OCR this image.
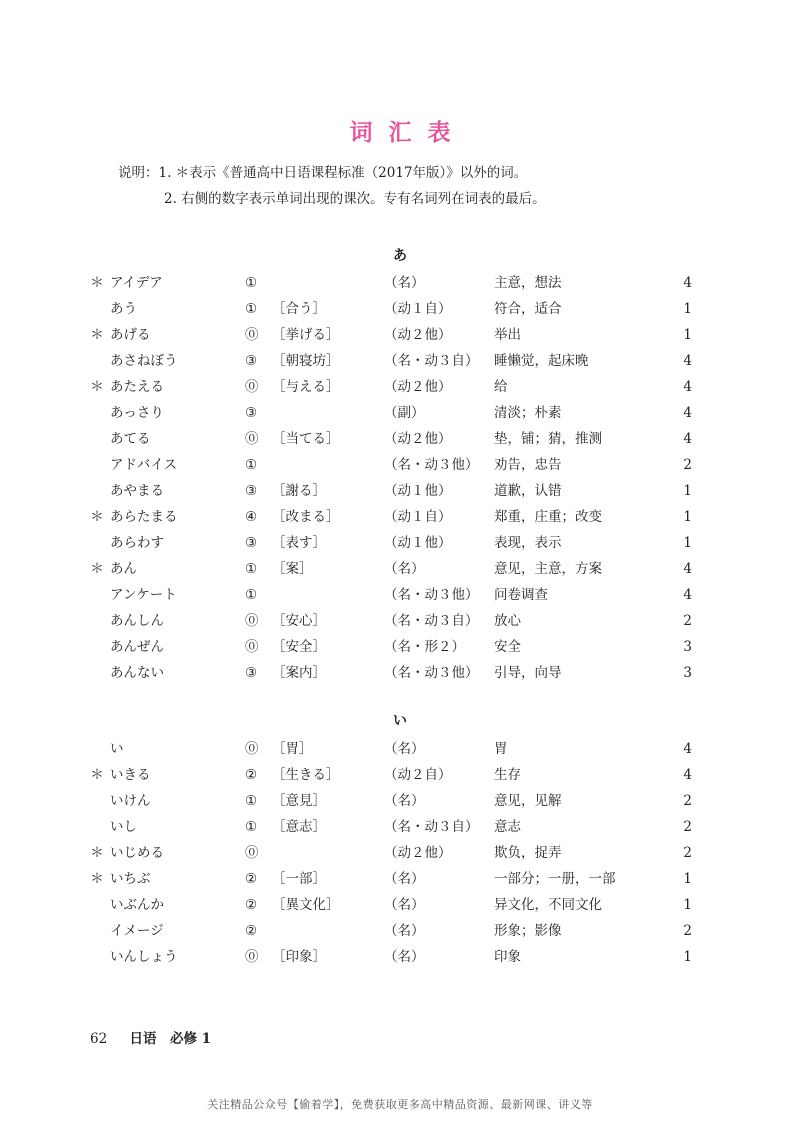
词汇表
说明：1. ＊表示《普通高中日语课程标准（2017年版）》以外的词。
2. 右侧的数字表示单词出现的课次。专有名词列在词表的最后。
あ
＊ アイデア	①	（名）	主意，想法	4
あう	① ［合う］	（动１自）	符合，适合	1
＊ あげる	⓪ ［挙げる］	（动２他）	举出	1
あさねぼう	③ ［朝寝坊］	（名・动３自） 睡懒觉，起床晚	4
＊ あたえる	⓪ ［与える］	（动２他）	给	4
あっさり	③	（副）	清淡；朴素	4
あてる	⓪ ［当てる］	（动２他）	垫，铺；猜，推测	4
アドバイス	①	（名・动３他） 劝告，忠告	2
あやまる	③ ［謝る］	（动１他）	道歉，认错	1
＊ あらたまる	④ ［改まる］	（动１自）	郑重，庄重；改变	1
あらわす	③ ［表す］	（动１他）	表现，表示	1
＊ あん	① ［案］	（名）	意见，主意，方案	4
アンケート	①	（名・动３他） 问卷调查	4
あんしん	⓪ ［安心］	（名・动３自） 放心	2
あんぜん	⓪ ［安全］	（名・形２） 安全	3
あんない	③ ［案内］	（名・动３他） 引导，向导	3
い
い	⓪ ［胃］	（名）	胃	4
＊ いきる	② ［生きる］	（动２自）	生存	4
いけん	① ［意見］	（名）	意见，见解	2
いし	① ［意志］	（名・动３自） 意志	2
＊ いじめる	⓪	（动２他）	欺负，捉弄	2
＊ いちぶ	② ［一部］	（名）	一部分；一册，一部	1
いぶんか	② ［異文化］	（名）	异文化，不同文化	1
イメージ	②	（名）	形象；影像	2
いんしょう	⓪ ［印象］	（名）	印象	1
62 日语　必修 1
关注精品公众号【偷着学】，免费获取更多高中精品资源、最新网课、讲义等
